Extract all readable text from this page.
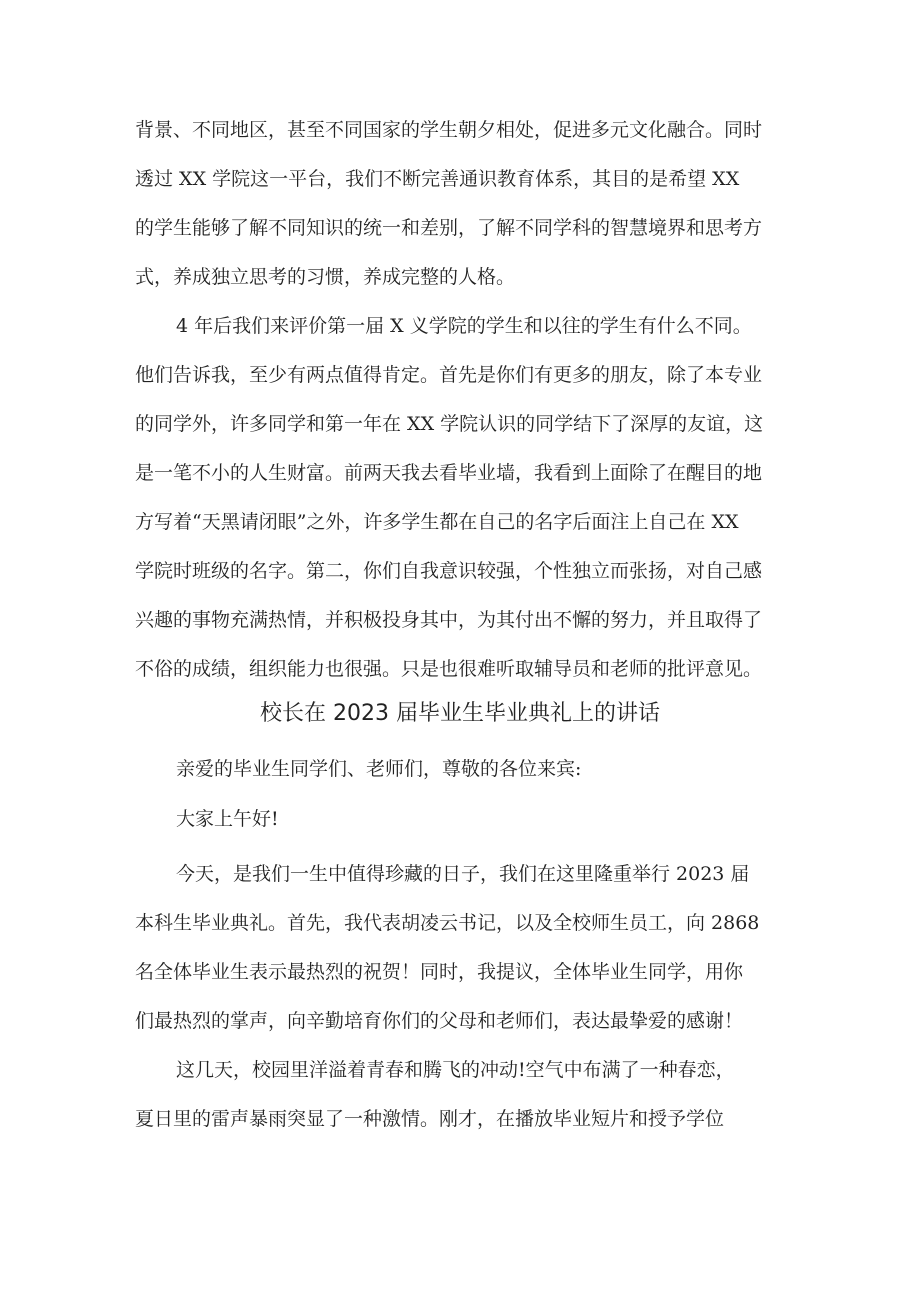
背景、不同地区，甚至不同国家的学生朝夕相处，促进多元文化融合。同时
透过 XX 学院这一平台，我们不断完善通识教育体系，其目的是希望 XX
的学生能够了解不同知识的统一和差别，了解不同学科的智慧境界和思考方
式，养成独立思考的习惯，养成完整的人格。
4 年后我们来评价第一届 X 义学院的学生和以往的学生有什么不同。
他们告诉我，至少有两点值得肯定。首先是你们有更多的朋友，除了本专业
的同学外，许多同学和第一年在 XX 学院认识的同学结下了深厚的友谊，这
是一笔不小的人生财富。前两天我去看毕业墙，我看到上面除了在醒目的地
方写着“天黑请闭眼”之外，许多学生都在自己的名字后面注上自己在 XX
学院时班级的名字。第二，你们自我意识较强，个性独立而张扬，对自己感
兴趣的事物充满热情，并积极投身其中，为其付出不懈的努力，并且取得了
不俗的成绩，组织能力也很强。只是也很难听取辅导员和老师的批评意见。
校长在 2023 届毕业生毕业典礼上的讲话
亲爱的毕业生同学们、老师们，尊敬的各位来宾:
大家上午好!
今天，是我们一生中值得珍藏的日子，我们在这里隆重举行 2023 届
本科生毕业典礼。首先，我代表胡凌云书记，以及全校师生员工，向 2868
名全体毕业生表示最热烈的祝贺！同时，我提议，全体毕业生同学，用你
们最热烈的掌声，向辛勤培育你们的父母和老师们，表达最挚爱的感谢！
这几天，校园里洋溢着青春和腾飞的冲动!空气中布满了一种春恋，
夏日里的雷声暴雨突显了一种激情。刚才，在播放毕业短片和授予学位
